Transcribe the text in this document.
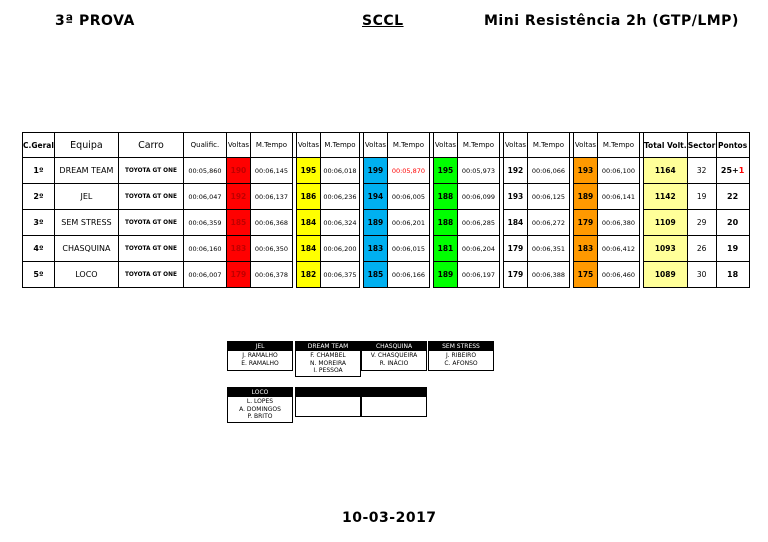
3ª PROVA	SCCL	Mini Resistência 2h (GTP/LMP)
C.Geral	Equipa	Carro	Qualific.	Voltas	M.Tempo		Voltas	M.Tempo		Voltas	M.Tempo		Voltas	M.Tempo		Voltas	M.Tempo		Voltas	M.Tempo		Total Volt.	Sector	Pontos
1º	DREAM TEAM	TOYOTA GT ONE	00:05,860	190	00:06,145		195	00:06,018		199	00:05,870		195	00:05,973		192	00:06,066		193	00:06,100		1164	32	25+1
2º	JEL	TOYOTA GT ONE	00:06,047	192	00:06,137		186	00:06,236		194	00:06,005		188	00:06,099		193	00:06,125		189	00:06,141		1142	19	22
3º	SEM STRESS	TOYOTA GT ONE	00:06,359	185	00:06,368		184	00:06,324		189	00:06,201		188	00:06,285		184	00:06,272		179	00:06,380		1109	29	20
4º	CHASQUINA	TOYOTA GT ONE	00:06,160	183	00:06,350		184	00:06,200		183	00:06,015		181	00:06,204		179	00:06,351		183	00:06,412		1093	26	19
5º	LOCO	TOYOTA GT ONE	00:06,007	179	00:06,378		182	00:06,375		185	00:06,166		189	00:06,197		179	00:06,388		175	00:06,460		1089	30	18
JEL
J. RAMALHO
E. RAMALHO
DREAM TEAM
F. CHAMBEL
N. MOREIRA
I. PESSOA
CHASQUINA
V. CHASQUEIRA
R. INÁCIO
SEM STRESS
J. RIBEIRO
C. AFONSO
LOCO
L. LOPES
A. DOMINGOS
P. BRITO
10-03-2017
